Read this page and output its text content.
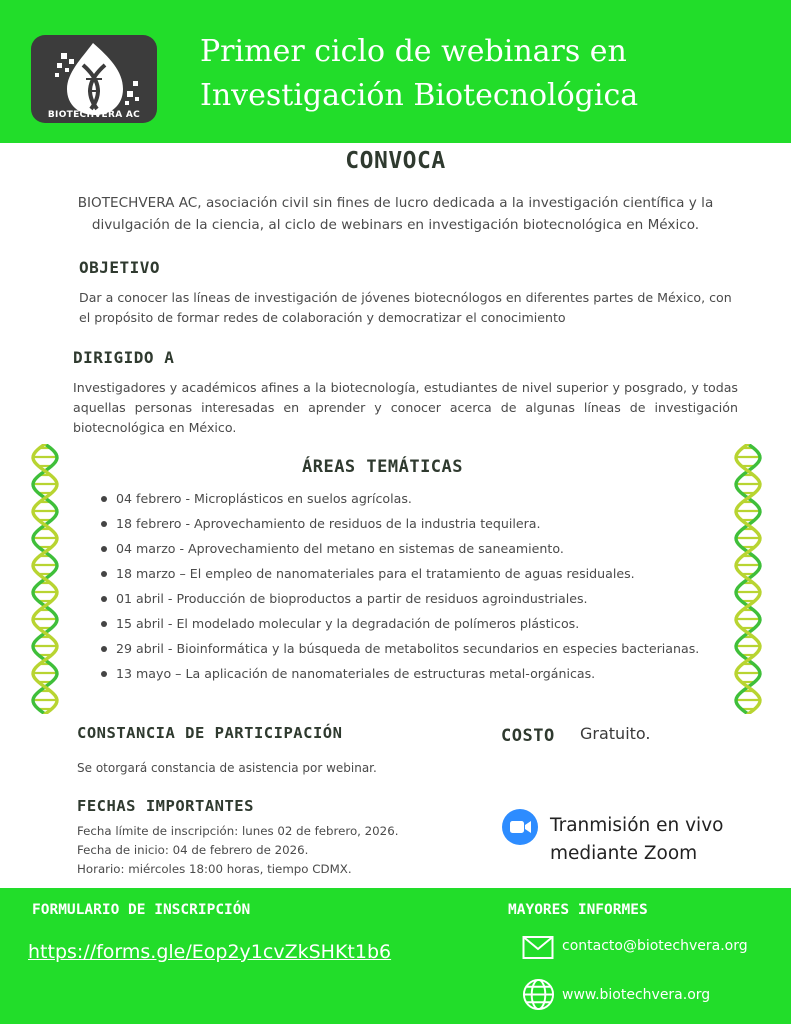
BIOTECHVERA AC
Primer ciclo de webinars en
Investigación Biotecnológica
CONVOCA
BIOTECHVERA AC, asociación civil sin fines de lucro dedicada a la investigación científica y la divulgación de la ciencia, al ciclo de webinars en investigación biotecnológica en México.
OBJETIVO
Dar a conocer las líneas de investigación de jóvenes biotecnólogos en diferentes partes de México, con el propósito de formar redes de colaboración y democratizar el conocimiento
DIRIGIDO A
Investigadores y académicos afines a la biotecnología, estudiantes de nivel superior y posgrado, y todas aquellas personas interesadas en aprender y conocer acerca de algunas líneas de investigación biotecnológica en México.
ÁREAS TEMÁTICAS
04 febrero - Microplásticos en suelos agrícolas.
18 febrero - Aprovechamiento de residuos de la industria tequilera.
04 marzo - Aprovechamiento del metano en sistemas de saneamiento.
18 marzo – El empleo de nanomateriales para el tratamiento de aguas residuales.
01 abril - Producción de bioproductos a partir de residuos agroindustriales.
15 abril - El modelado molecular y la degradación de polímeros plásticos.
29 abril - Bioinformática y la búsqueda de metabolitos secundarios en especies bacterianas.
13 mayo – La aplicación de nanomateriales de estructuras metal-orgánicas.
CONSTANCIA DE PARTICIPACIÓN
Se otorgará constancia de asistencia por webinar.
COSTO Gratuito.
FECHAS IMPORTANTES
Fecha límite de inscripción: lunes 02 de febrero, 2026.
Fecha de inicio: 04 de febrero de 2026.
Horario: miércoles 18:00 horas, tiempo CDMX.
Tranmisión en vivo
mediante Zoom
FORMULARIO DE INSCRIPCIÓN	MAYORES INFORMES
https://forms.gle/Eop2y1cvZkSHKt1b6	contacto@biotechvera.org
www.biotechvera.org
